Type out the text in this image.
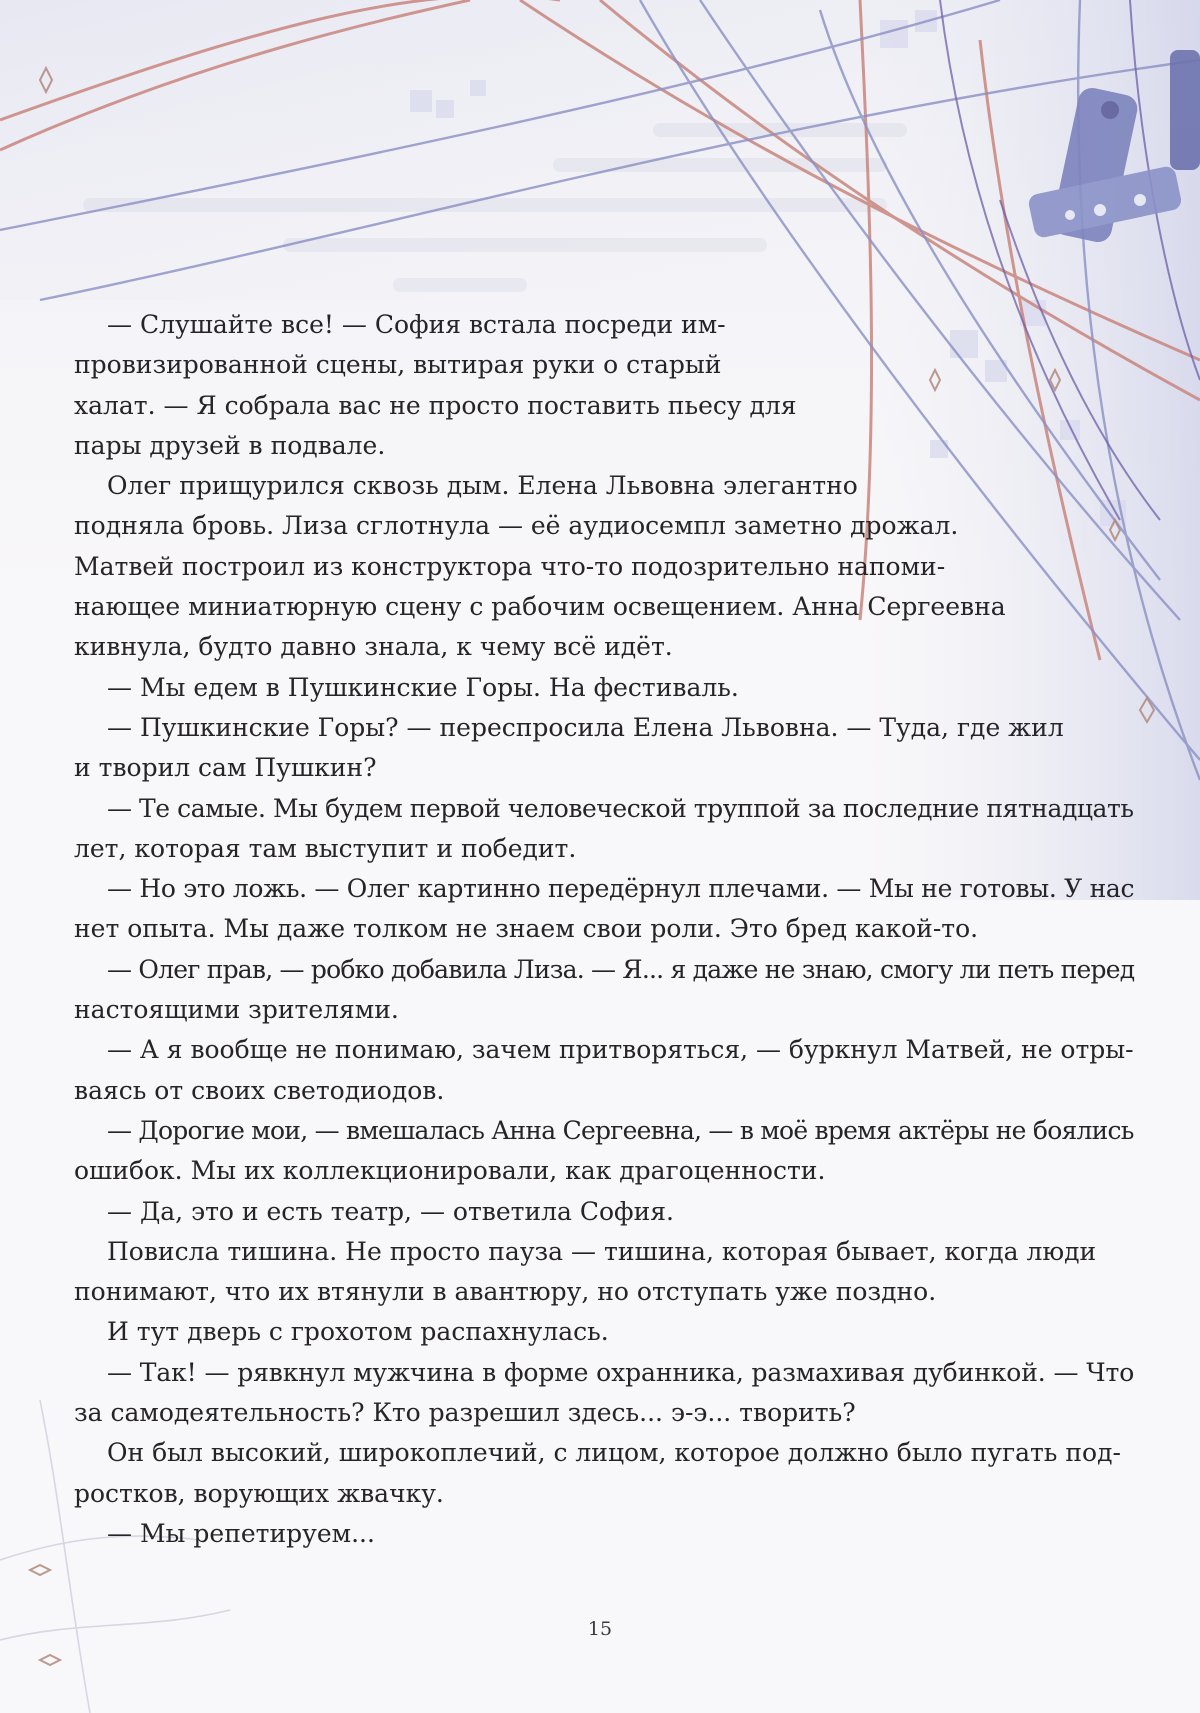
— Слушайте все! — София встала посреди им-
провизированной сцены, вытирая руки о старый
халат. — Я собрала вас не просто поставить пьесу для
пары друзей в подвале.
Олег прищурился сквозь дым. Елена Львовна элегантно
подняла бровь. Лиза сглотнула — её аудиосемпл заметно дрожал.
Матвей построил из конструктора что-то подозрительно напоми-
нающее миниатюрную сцену с рабочим освещением. Анна Сергеевна
кивнула, будто давно знала, к чему всё идёт.
— Мы едем в Пушкинские Горы. На фестиваль.
— Пушкинские Горы? — переспросила Елена Львовна. — Туда, где жил
и творил сам Пушкин?
— Те самые. Мы будем первой человеческой труппой за последние пятнадцать
лет, которая там выступит и победит.
— Но это ложь. — Олег картинно передёрнул плечами. — Мы не готовы. У нас
нет опыта. Мы даже толком не знаем свои роли. Это бред какой-то.
— Олег прав, — робко добавила Лиза. — Я... я даже не знаю, смогу ли петь перед
настоящими зрителями.
— А я вообще не понимаю, зачем притворяться, — буркнул Матвей, не отры-
ваясь от своих светодиодов.
— Дорогие мои, — вмешалась Анна Сергеевна, — в моё время актёры не боялись
ошибок. Мы их коллекционировали, как драгоценности.
— Да, это и есть театр, — ответила София.
Повисла тишина. Не просто пауза — тишина, которая бывает, когда люди
понимают, что их втянули в авантюру, но отступать уже поздно.
И тут дверь с грохотом распахнулась.
— Так! — рявкнул мужчина в форме охранника, размахивая дубинкой. — Что
за самодеятельность? Кто разрешил здесь... э-э... творить?
Он был высокий, широкоплечий, с лицом, которое должно было пугать под-
ростков, ворующих жвачку.
— Мы репетируем...
15
